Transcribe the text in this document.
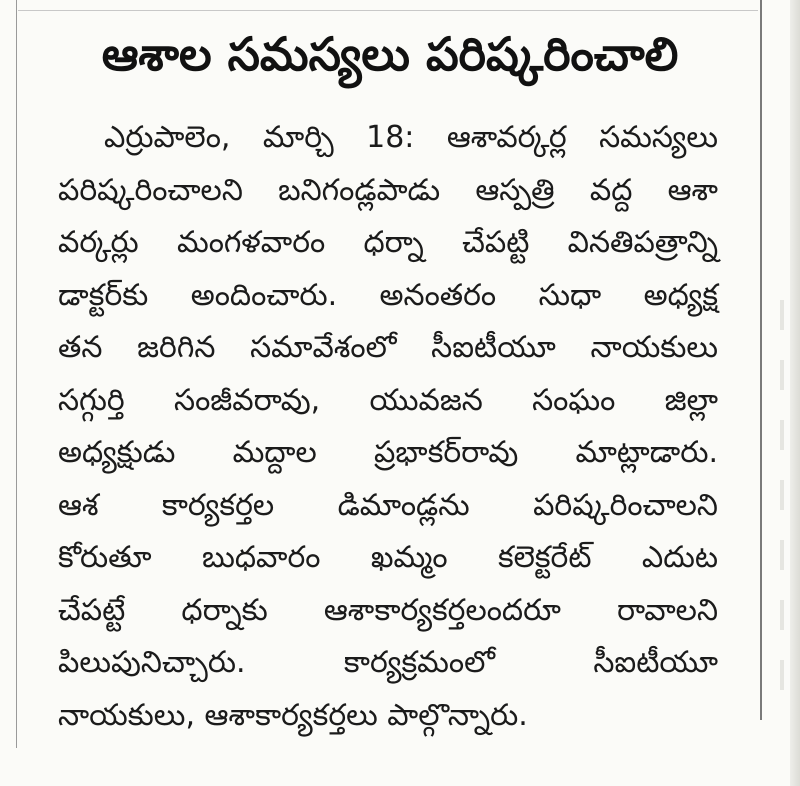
ఆశాల సమస్యలు పరిష్కరించాలి
ఎర్రుపాలెం, మార్చి 18: ఆశావర్కర్ల సమస్యలు
పరిష్కరించాలని బనిగండ్లపాడు ఆస్పత్రి వద్ద ఆశా
వర్కర్లు మంగళవారం ధర్నా చేపట్టి వినతిపత్రాన్ని
డాక్టర్‌కు అందించారు. అనంతరం సుధా అధ్యక్ష
తన జరిగిన సమావేశంలో సీఐటీయూ నాయకులు
సగ్గుర్తి సంజీవరావు, యువజన సంఘం జిల్లా
అధ్యక్షుడు మద్దాల ప్రభాకర్‌రావు మాట్లాడారు.
ఆశ కార్యకర్తల డిమాండ్లను పరిష్కరించాలని
కోరుతూ బుధవారం ఖమ్మం కలెక్టరేట్ ఎదుట
చేపట్టే ధర్నాకు ఆశాకార్యకర్తలందరూ రావాలని
పిలుపునిచ్చారు. కార్యక్రమంలో సీఐటీయూ
నాయకులు, ఆశాకార్యకర్తలు పాల్గొన్నారు.
